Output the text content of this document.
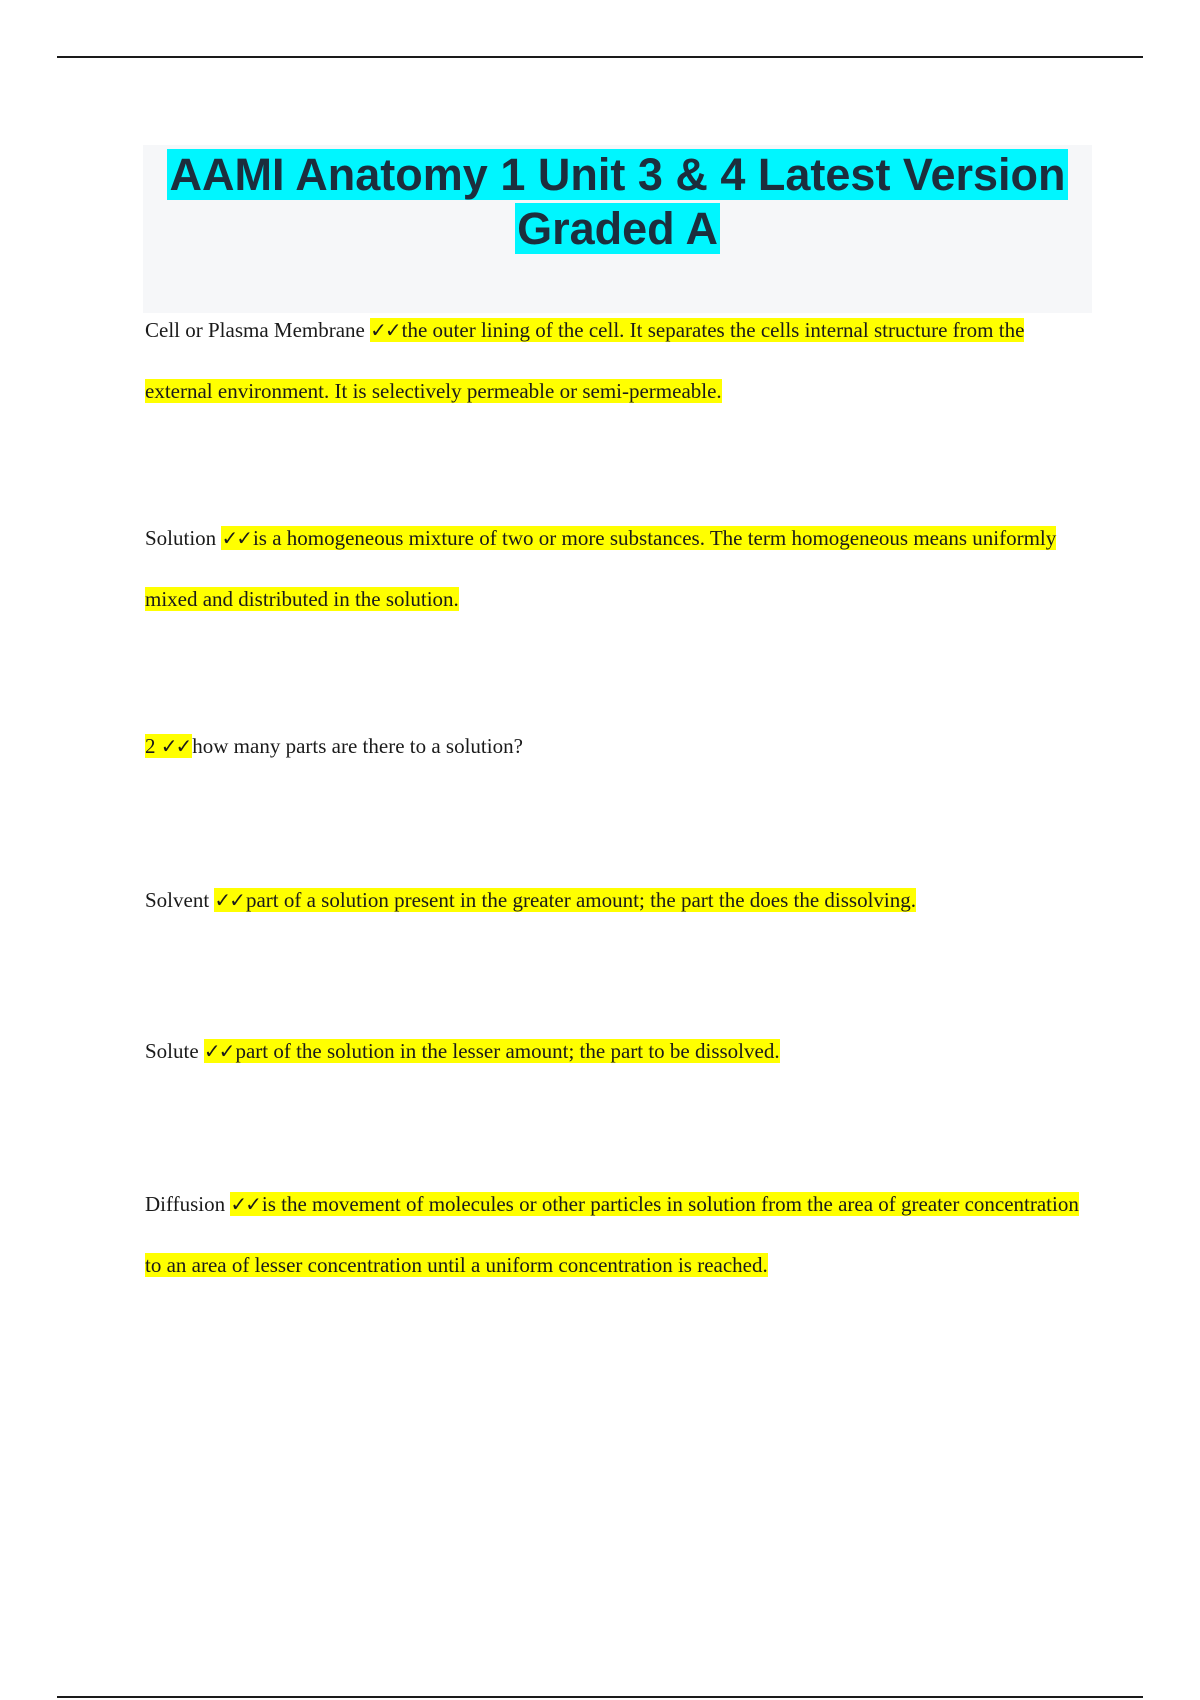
AAMI Anatomy 1 Unit 3 & 4 Latest Version Graded A

Cell or Plasma Membrane ✓✓the outer lining of the cell. It separates the cells internal structure from the external environment. It is selectively permeable or semi-permeable.

Solution ✓✓is a homogeneous mixture of two or more substances. The term homogeneous means uniformly mixed and distributed in the solution.

2 ✓✓how many parts are there to a solution?

Solvent ✓✓part of a solution present in the greater amount; the part the does the dissolving.

Solute ✓✓part of the solution in the lesser amount; the part to be dissolved.

Diffusion ✓✓is the movement of molecules or other particles in solution from the area of greater concentration to an area of lesser concentration until a uniform concentration is reached.
